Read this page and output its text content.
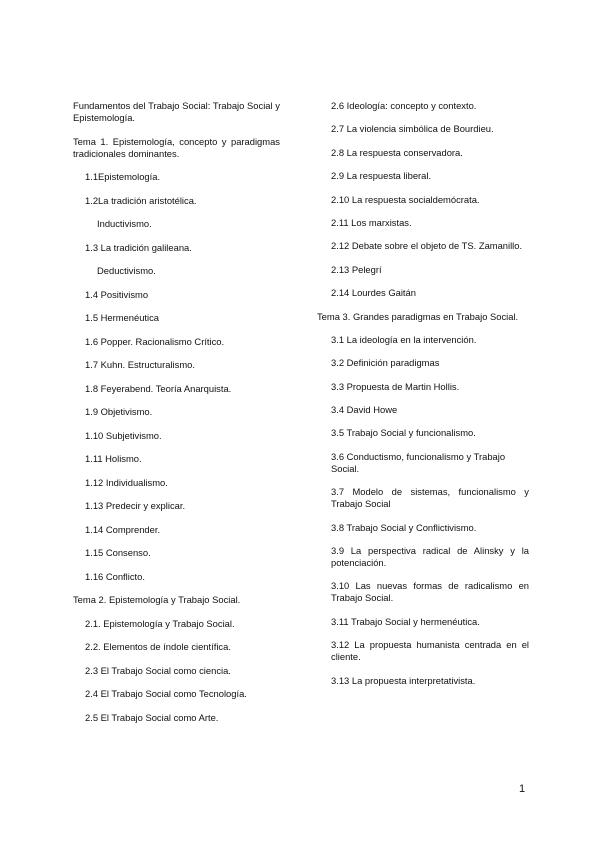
Fundamentos del Trabajo Social: Trabajo Social y Epistemología.

Tema 1. Epistemología, concepto y paradigmas tradicionales dominantes.

1.1Epistemología.

1.2La tradición aristotélica.

Inductivismo.

1.3 La tradición galileana.

Deductivismo.

1.4 Positivismo

1.5 Hermenéutica

1.6 Popper. Racionalismo Crítico.

1.7 Kuhn. Estructuralismo.

1.8 Feyerabend. Teoría Anarquista.

1.9 Objetivismo.

1.10 Subjetivismo.

1.11 Holismo.

1.12 Individualismo.

1.13 Predecir y explicar.

1.14 Comprender.

1.15 Consenso.

1.16 Conflicto.

Tema 2. Epistemología y Trabajo Social.

2.1. Epistemología y Trabajo Social.

2.2. Elementos de índole científica.

2.3 El Trabajo Social como ciencia.

2.4 El Trabajo Social como Tecnología.

2.5 El Trabajo Social como Arte.

2.6 Ideología: concepto y contexto.

2.7 La violencia simbólica de Bourdieu.

2.8 La respuesta conservadora.

2.9 La respuesta liberal.

2.10 La respuesta socialdemócrata.

2.11 Los marxistas.

2.12 Debate sobre el objeto de TS. Zamanillo.

2.13 Pelegrí

2.14 Lourdes Gaitán

Tema 3. Grandes paradigmas en Trabajo Social.

3.1 La ideología en la intervención.

3.2 Definición paradigmas

3.3 Propuesta de Martin Hollis.

3.4 David Howe

3.5 Trabajo Social y funcionalismo.

3.6 Conductismo, funcionalismo y Trabajo Social.

3.7 Modelo de sistemas, funcionalismo y Trabajo Social

3.8 Trabajo Social y Conflictivismo.

3.9 La perspectiva radical de Alinsky y la potenciación.

3.10 Las nuevas formas de radicalismo en Trabajo Social.

3.11 Trabajo Social y hermenéutica.

3.12 La propuesta humanista centrada en el cliente.

3.13 La propuesta interpretativista.

1
